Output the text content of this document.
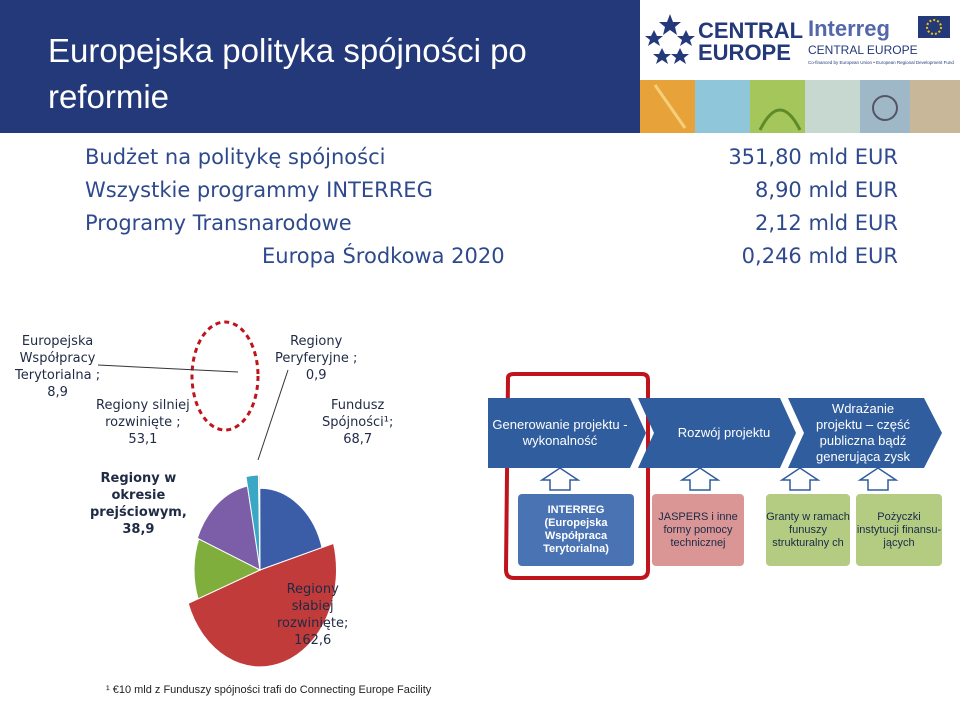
Europejska polityka spójności po reformie
CENTRAL
EUROPE
Interreg
CENTRAL EUROPE
Co-financed by European Union • European Regional Development Fund
Budżet na politykę spójności	351,80 mld EUR
Wszystkie programmy INTERREG	8,90 mld EUR
Programy Transnarodowe	2,12 mld EUR
Europa Środkowa 2020	0,246 mld EUR
Europejska
Współpracy
Terytorialna ;
8,9
Regiony silniej
rozwinięte ;
53,1
Regiony w
okresie
prejściowym,
38,9
Regiony
Peryferyjne ;
0,9
Fundusz
Spójności¹;
68,7
Regiony
słabiej
rozwinięte;
162,6
Generowanie projektu - wykonalność
Rozwój projektu
Wdrażanie projektu – część publiczna bądź generująca zysk
INTERREG (Europejska Współpraca Terytorialna)
JASPERS i inne formy pomocy technicznej
Granty w ramach funuszy strukturalny ch
Pożyczki instytucji finansu- jących
¹ €10 mld z Funduszy spójności trafi do Connecting Europe Facility
